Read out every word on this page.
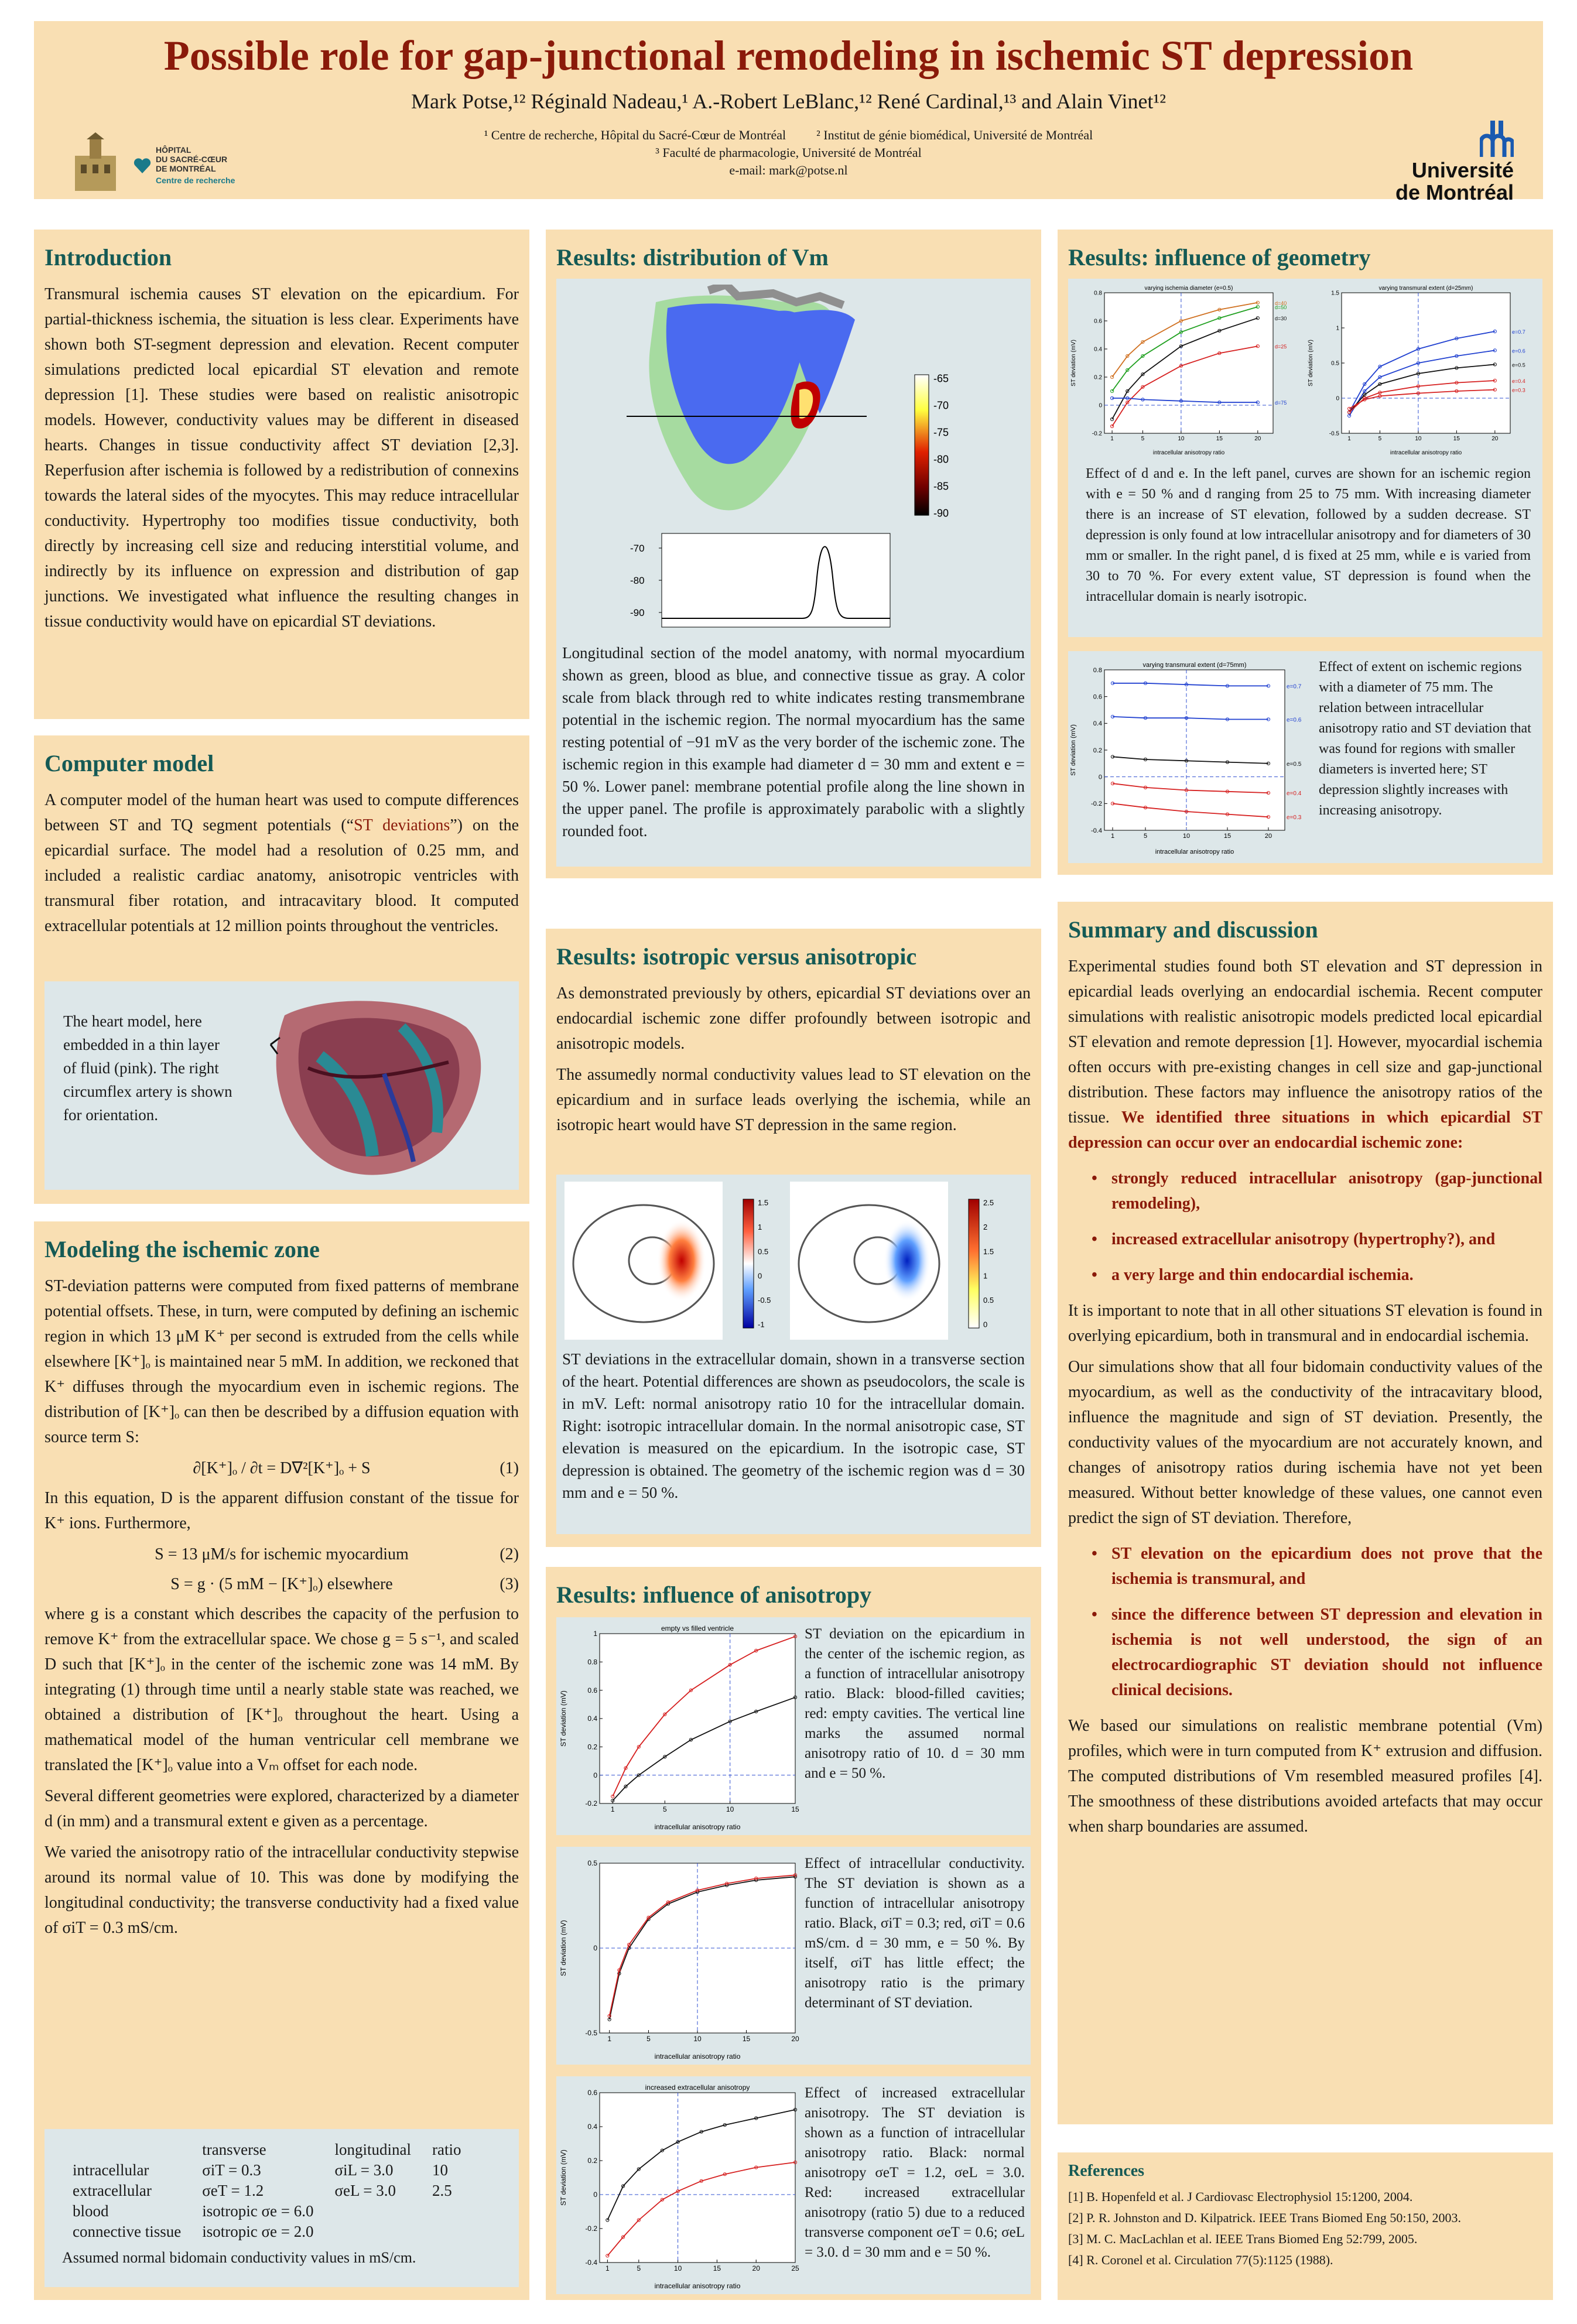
Possible role for gap-junctional remodeling in ischemic ST depression
Mark Potse,¹² Réginald Nadeau,¹ A.-Robert LeBlanc,¹² René Cardinal,¹³ and Alain Vinet¹²
¹ Centre de recherche, Hôpital du Sacré-Cœur de Montréal ² Institut de génie biomédical, Université de Montréal
³ Faculté de pharmacologie, Université de Montréal
e-mail: mark@potse.nl
HÔPITAL
DU SACRÉ-CŒUR
DE MONTRÉAL
Centre de recherche	Université
de Montréal
Introduction

Transmural ischemia causes ST elevation on the epicardium. For partial-thickness ischemia, the situation is less clear. Experiments have shown both ST-segment depression and elevation. Recent computer simulations predicted local epicardial ST elevation and remote depression [1]. These studies were based on realistic anisotropic models. However, conductivity values may be different in diseased hearts. Changes in tissue conductivity affect ST deviation [2,3]. Reperfusion after ischemia is followed by a redistribution of connexins towards the lateral sides of the myocytes. This may reduce intracellular conductivity. Hypertrophy too modifies tissue conductivity, both directly by increasing cell size and reducing interstitial volume, and indirectly by its influence on expression and distribution of gap junctions. We investigated what influence the resulting changes in tissue conductivity would have on epicardial ST deviations.

Computer model

A computer model of the human heart was used to compute differences between ST and TQ segment potentials (“ST deviations”) on the epicardial surface. The model had a resolution of 0.25 mm, and included a realistic cardiac anatomy, anisotropic ventricles with transmural fiber rotation, and intracavitary blood. It computed extracellular potentials at 12 million points throughout the ventricles.

The heart model, here embedded in a thin layer of fluid (pink). The right circumflex artery is shown for orientation.
Modeling the ischemic zone

ST-deviation patterns were computed from fixed patterns of membrane potential offsets. These, in turn, were computed by defining an ischemic region in which 13 μM K⁺ per second is extruded from the cells while elsewhere [K⁺]ₒ is maintained near 5 mM. In addition, we reckoned that K⁺ diffuses through the myocardium even in ischemic regions. The distribution of [K⁺]ₒ can then be described by a diffusion equation with source term S:

∂[K⁺]ₒ / ∂t = D∇²[K⁺]ₒ + S	(1)

In this equation, D is the apparent diffusion constant of the tissue for K⁺ ions. Furthermore,

S = 13 μM/s for ischemic myocardium	(2)
S = g · (5 mM − [K⁺]ₒ) elsewhere	(3)

where g is a constant which describes the capacity of the perfusion to remove K⁺ from the extracellular space. We chose g = 5 s⁻¹, and scaled D such that [K⁺]ₒ in the center of the ischemic zone was 14 mM. By integrating (1) through time until a nearly stable state was reached, we obtained a distribution of [K⁺]ₒ throughout the heart. Using a mathematical model of the human ventricular cell membrane we translated the [K⁺]ₒ value into a Vₘ offset for each node.

Several different geometries were explored, characterized by a diameter d (in mm) and a transmural extent e given as a percentage.

We varied the anisotropy ratio of the intracellular conductivity stepwise around its normal value of 10. This was done by modifying the longitudinal conductivity; the transverse conductivity had a fixed value of σiT = 0.3 mS/cm.

	transverse	longitudinal	ratio
intracellular	σiT = 0.3	σiL = 3.0	10
extracellular	σeT = 1.2	σeL = 3.0	2.5
blood	isotropic σe = 6.0		
connective tissue	isotropic σe = 2.0		
Assumed normal bidomain conductivity values in mS/cm.
Results: distribution of Vm
-65
-70
-75
-80
-85
-90
-70
-80
-90
Longitudinal section of the model anatomy, with normal myocardium shown as green, blood as blue, and connective tissue as gray. A color scale from black through red to white indicates resting transmembrane potential in the ischemic region. The normal myocardium has the same resting potential of −91 mV as the very border of the ischemic zone. The ischemic region in this example had diameter d = 30 mm and extent e = 50 %. Lower panel: membrane potential profile along the line shown in the upper panel. The profile is approximately parabolic with a slightly rounded foot.
Results: isotropic versus anisotropic

As demonstrated previously by others, epicardial ST deviations over an endocardial ischemic zone differ profoundly between isotropic and anisotropic models.

The assumedly normal conductivity values lead to ST elevation on the epicardium and in surface leads overlying the ischemia, while an isotropic heart would have ST depression in the same region.

1.5
1
0.5
0
-0.5
-1
2.5
2
1.5
1
0.5
0
ST deviations in the extracellular domain, shown in a transverse section of the heart. Potential differences are shown as pseudocolors, the scale is in mV. Left: normal anisotropy ratio 10 for the intracellular domain. Right: isotropic intracellular domain. In the normal anisotropic case, ST elevation is measured on the epicardium. In the isotropic case, ST depression is obtained. The geometry of the ischemic region was d = 30 mm and e = 50 %.
Results: influence of anisotropy
-0.2
0
0.2
0.4
0.6
0.8
1
1	5	10	15
empty vs filled ventricle
intracellular anisotropy ratio
ST deviation (mV)
ST deviation on the epicardium in the center of the ischemic region, as a function of intracellular anisotropy ratio. Black: blood-filled cavities; red: empty cavities. The vertical line marks the assumed normal anisotropy ratio of 10. d = 30 mm and e = 50 %.
-0.5
0
0.5
1	5	10	15	20
intracellular anisotropy ratio
ST deviation (mV)
Effect of intracellular conductivity. The ST deviation is shown as a function of intracellular anisotropy ratio. Black, σiT = 0.3; red, σiT = 0.6 mS/cm. d = 30 mm, e = 50 %. By itself, σiT has little effect; the anisotropy ratio is the primary determinant of ST deviation.
-0.4
-0.2
0
0.2
0.4
0.6
1	5	10	15	20	25
increased extracellular anisotropy
intracellular anisotropy ratio
ST deviation (mV)
Effect of increased extracellular anisotropy. The ST deviation is shown as a function of intracellular anisotropy ratio. Black: normal anisotropy σeT = 1.2, σeL = 3.0. Red: increased extracellular anisotropy (ratio 5) due to a reduced transverse component σeT = 0.6; σeL = 3.0. d = 30 mm and e = 50 %.
Results: influence of geometry
-0.2
0
0.2
0.4
0.6
0.8
1	5	10	15	20
d=25
d=30
d=50
d=75
d=40
varying ischemia diameter (e=0.5)
intracellular anisotropy ratio
ST deviation (mV)
-0.5
0
0.5
1
1.5
1	5	10	15	20
e=0.7
e=0.6
e=0.5
e=0.4
e=0.3
varying transmural extent (d=25mm)
intracellular anisotropy ratio
ST deviation (mV)
Effect of d and e. In the left panel, curves are shown for an ischemic region with e = 50 % and d ranging from 25 to 75 mm. With increasing diameter there is an increase of ST elevation, followed by a sudden decrease. ST depression is only found at low intracellular anisotropy and for diameters of 30 mm or smaller. In the right panel, d is fixed at 25 mm, while e is varied from 30 to 70 %. For every extent value, ST depression is found when the intracellular domain is nearly isotropic.
-0.4
-0.2
0
0.2
0.4
0.6
0.8
1	5	10	15	20
e=0.7
e=0.6
e=0.5
e=0.4
e=0.3
varying transmural extent (d=75mm)
intracellular anisotropy ratio
ST deviation (mV)
Effect of extent on ischemic regions with a diameter of 75 mm. The relation between intracellular anisotropy ratio and ST deviation that was found for regions with smaller diameters is inverted here; ST depression slightly increases with increasing anisotropy.
Summary and discussion

Experimental studies found both ST elevation and ST depression in epicardial leads overlying an endocardial ischemia. Recent computer simulations with realistic anisotropic models predicted local epicardial ST elevation and remote depression [1]. However, myocardial ischemia often occurs with pre-existing changes in cell size and gap-junctional distribution. These factors may influence the anisotropy ratios of the tissue. We identified three situations in which epicardial ST depression can occur over an endocardial ischemic zone:

• strongly reduced intracellular anisotropy (gap-junctional remodeling),
• increased extracellular anisotropy (hypertrophy?), and
• a very large and thin endocardial ischemia.

It is important to note that in all other situations ST elevation is found in overlying epicardium, both in transmural and in endocardial ischemia.

Our simulations show that all four bidomain conductivity values of the myocardium, as well as the conductivity of the intracavitary blood, influence the magnitude and sign of ST deviation. Presently, the conductivity values of the myocardium are not accurately known, and changes of anisotropy ratios during ischemia have not yet been measured. Without better knowledge of these values, one cannot even predict the sign of ST deviation. Therefore,

• ST elevation on the epicardium does not prove that the ischemia is transmural, and
• since the difference between ST depression and elevation in ischemia is not well understood, the sign of an electrocardiographic ST deviation should not influence clinical decisions.

We based our simulations on realistic membrane potential (Vm) profiles, which were in turn computed from K⁺ extrusion and diffusion. The computed distributions of Vm resembled measured profiles [4]. The smoothness of these distributions avoided artefacts that may occur when sharp boundaries are assumed.

References
[1] B. Hopenfeld et al. J Cardiovasc Electrophysiol 15:1200, 2004.
[2] P. R. Johnston and D. Kilpatrick. IEEE Trans Biomed Eng 50:150, 2003.
[3] M. C. MacLachlan et al. IEEE Trans Biomed Eng 52:799, 2005.
[4] R. Coronel et al. Circulation 77(5):1125 (1988).
